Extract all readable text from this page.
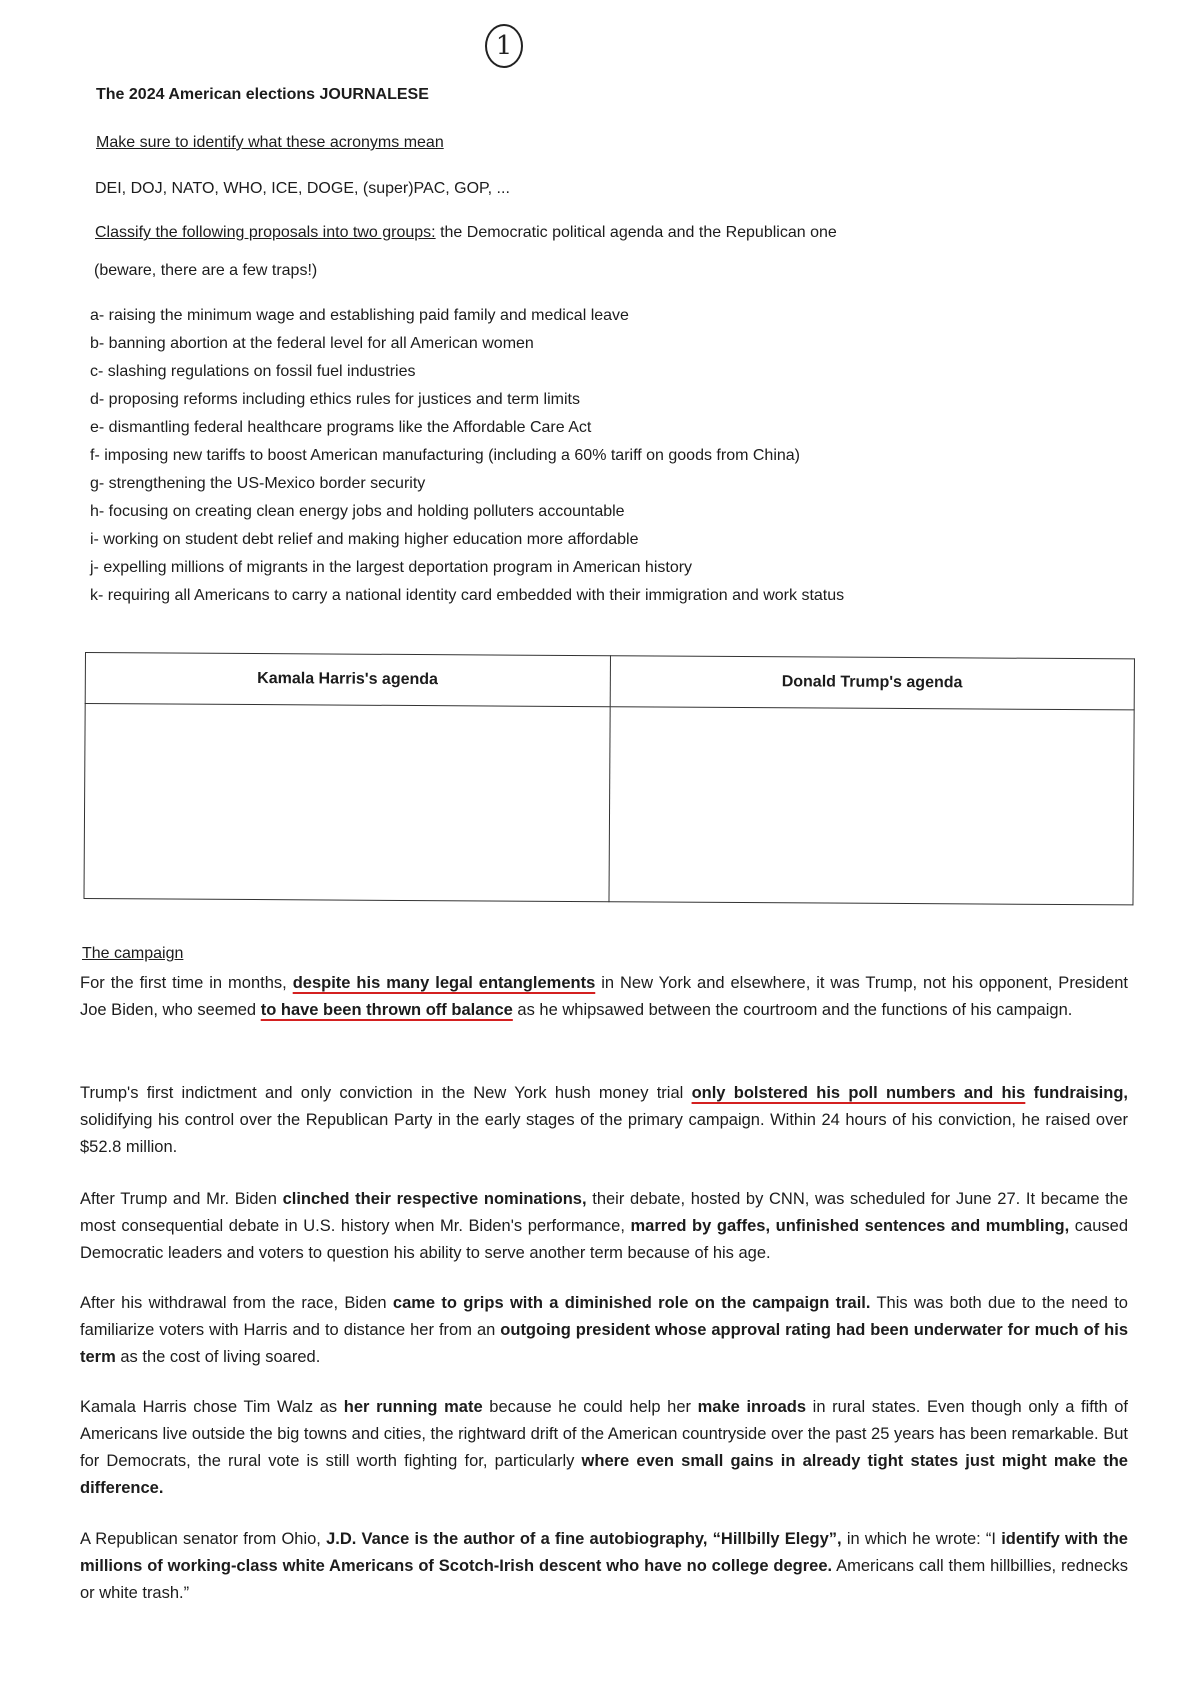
1
The 2024 American elections JOURNALESE
Make sure to identify what these acronyms mean
DEI, DOJ, NATO, WHO, ICE, DOGE, (super)PAC, GOP, ...
Classify the following proposals into two groups: the Democratic political agenda and the Republican one
(beware, there are a few traps!)
a- raising the minimum wage and establishing paid family and medical leave
b- banning abortion at the federal level for all American women
c- slashing regulations on fossil fuel industries
d- proposing reforms including ethics rules for justices and term limits
e- dismantling federal healthcare programs like the Affordable Care Act
f- imposing new tariffs to boost American manufacturing (including a 60% tariff on goods from China)
g- strengthening the US-Mexico border security
h- focusing on creating clean energy jobs and holding polluters accountable
i- working on student debt relief and making higher education more affordable
j- expelling millions of migrants in the largest deportation program in American history
k- requiring all Americans to carry a national identity card embedded with their immigration and work status
Kamala Harris's agenda	Donald Trump's agenda

The campaign

For the first time in months, despite his many legal entanglements in New York and elsewhere, it was Trump, not his opponent, President Joe Biden, who seemed to have been thrown off balance as he whipsawed between the courtroom and the functions of his campaign.

Trump's first indictment and only conviction in the New York hush money trial only bolstered his poll numbers and his fundraising, solidifying his control over the Republican Party in the early stages of the primary campaign. Within 24 hours of his conviction, he raised over $52.8 million.

After Trump and Mr. Biden clinched their respective nominations, their debate, hosted by CNN, was scheduled for June 27. It became the most consequential debate in U.S. history when Mr. Biden's performance, marred by gaffes, unfinished sentences and mumbling, caused Democratic leaders and voters to question his ability to serve another term because of his age.

After his withdrawal from the race, Biden came to grips with a diminished role on the campaign trail. This was both due to the need to familiarize voters with Harris and to distance her from an outgoing president whose approval rating had been underwater for much of his term as the cost of living soared.

Kamala Harris chose Tim Walz as her running mate because he could help her make inroads in rural states. Even though only a fifth of Americans live outside the big towns and cities, the rightward drift of the American countryside over the past 25 years has been remarkable. But for Democrats, the rural vote is still worth fighting for, particularly where even small gains in already tight states just might make the difference.

A Republican senator from Ohio, J.D. Vance is the author of a fine autobiography, “Hillbilly Elegy”, in which he wrote: “I identify with the millions of working-class white Americans of Scotch-Irish descent who have no college degree. Americans call them hillbillies, rednecks or white trash.”
